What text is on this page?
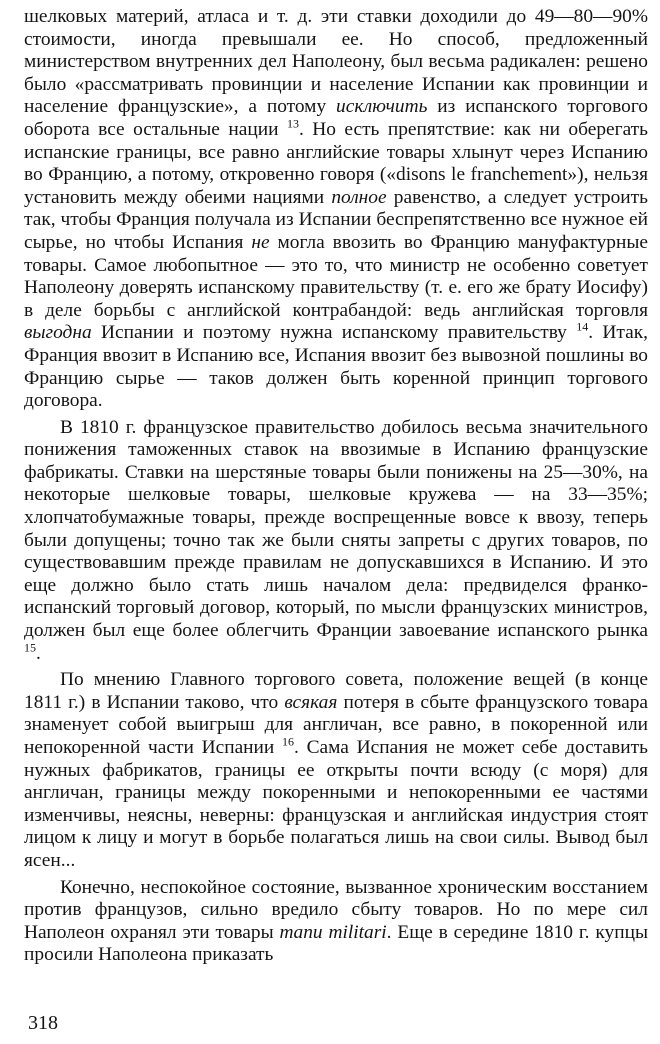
шелковых материй, атласа и т. д. эти ставки доходили до 49—80—90% стоимости, иногда превышали ее. Но способ, предложенный министерством внутренних дел Наполеону, был весьма радикален: решено было «рассматривать провинции и население Испании как провинции и население французские», а потому исключить из испанского торгового оборота все остальные нации $^{13}$. Но есть препятствие: как ни оберегать испанские границы, все равно английские товары хлынут через Испанию во Францию, а потому, откровенно говоря («disons le franchement»), нельзя установить между обеими нациями полное равенство, а следует устроить так, чтобы Франция получала из Испании беспрепятственно все нужное ей сырье, но чтобы Испания не могла ввозить во Францию мануфактурные товары. Самое любопытное — это то, что министр не особенно советует Наполеону доверять испанскому правительству (т. е. его же брату Иосифу) в деле борьбы с английской контрабандой: ведь английская торговля выгодна Испании и поэтому нужна испанскому правительству $^{14}$. Итак, Франция ввозит в Испанию все, Испания ввозит без вывозной пошлины во Францию сырье — таков должен быть коренной принцип торгового договора.

В 1810 г. французское правительство добилось весьма значительного понижения таможенных ставок на ввозимые в Испанию французские фабрикаты. Ставки на шерстяные товары были понижены на 25—30%, на некоторые шелковые товары, шелковые кружева — на 33—35%; хлопчатобумажные товары, прежде воспрещенные вовсе к ввозу, теперь были допущены; точно так же были сняты запреты с других товаров, по существовавшим прежде правилам не допускавшихся в Испанию. И это еще должно было стать лишь началом дела: предвиделся франко-испанский торговый договор, который, по мысли французских министров, должен был еще более облегчить Франции завоевание испанского рынка $^{15}$.

По мнению Главного торгового совета, положение вещей (в конце 1811 г.) в Испании таково, что всякая потеря в сбыте французского товара знаменует собой выигрыш для англичан, все равно, в покоренной или непокоренной части Испании $^{16}$. Сама Испания не может себе доставить нужных фабрикатов, границы ее открыты почти всюду (с моря) для англичан, границы между покоренными и непокоренными ее частями изменчивы, неясны, неверны: французская и английская индустрия стоят лицом к лицу и могут в борьбе полагаться лишь на свои силы. Вывод был ясен...

Конечно, неспокойное состояние, вызванное хроническим восстанием против французов, сильно вредило сбыту товаров. Но по мере сил Наполеон охранял эти товары manu militari. Еще в середине 1810 г. купцы просили Наполеона приказать

318
